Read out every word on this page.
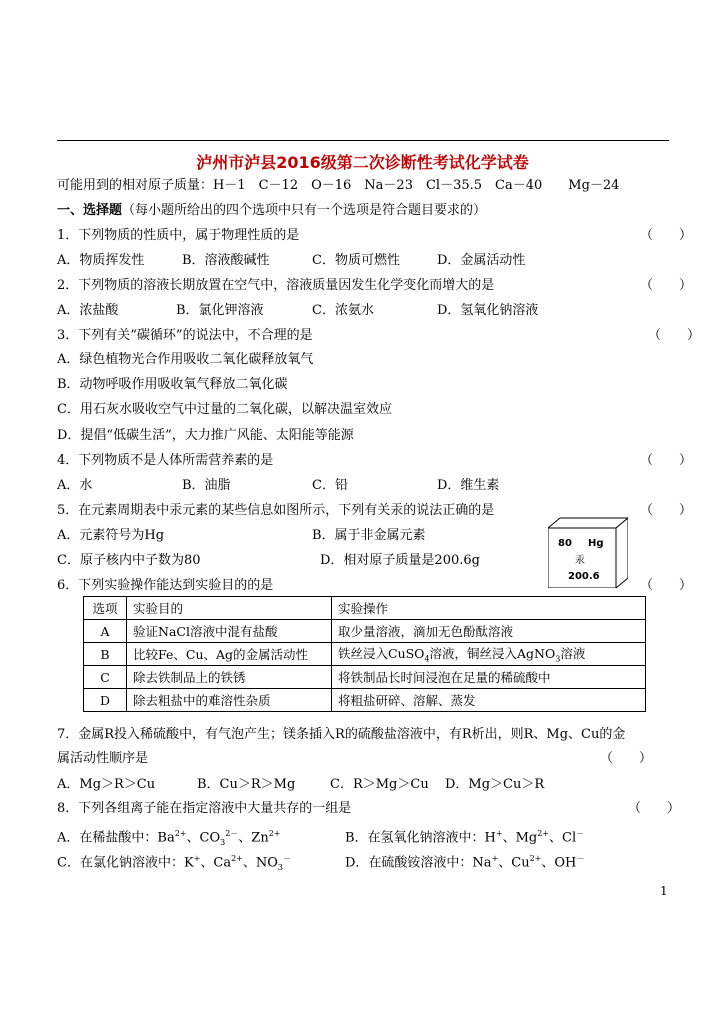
泸州市泸县2016级第二次诊断性考试化学试卷
可能用到的相对原子质量：H－1　C－12　O－16　Na－23　Cl－35.5　Ca－40　　Mg－24
一、选择题（每小题所给出的四个选项中只有一个选项是符合题目要求的）
1．下列物质的性质中，属于物理性质的是	（　　）
A．物质挥发性	B．溶液酸碱性	C．物质可燃性	D．金属活动性
2．下列物质的溶液长期放置在空气中，溶液质量因发生化学变化而增大的是	（　　）
A．浓盐酸	B．氯化钾溶液	C．浓氨水	D．氢氧化钠溶液
3．下列有关“碳循环”的说法中，不合理的是	（　　）
A．绿色植物光合作用吸收二氧化碳释放氧气
B．动物呼吸作用吸收氧气释放二氧化碳
C．用石灰水吸收空气中过量的二氧化碳，以解决温室效应
D．提倡“低碳生活”，大力推广风能、太阳能等能源
4．下列物质不是人体所需营养素的是	（　　）
A．水	B．油脂	C．铅	D．维生素
5．在元素周期表中汞元素的某些信息如图所示，下列有关汞的说法正确的是	（　　）
A．元素符号为Hg	B．属于非金属元素
C．原子核内中子数为80	D．相对原子质量是200.6g
80 Hg
汞
200.6
6．下列实验操作能达到实验目的的是	（　　）
选项	实验目的	实验操作
A	验证NaCl溶液中混有盐酸	取少量溶液，滴加无色酚酞溶液
B	比较Fe、Cu、Ag的金属活动性	铁丝浸入CuSO$_4$溶液，铜丝浸入AgNO$_3$溶液
C	除去铁制品上的铁锈	将铁制品长时间浸泡在足量的稀硫酸中
D	除去粗盐中的难溶性杂质	将粗盐研碎、溶解、蒸发
7．金属R投入稀硫酸中，有气泡产生；镁条插入R的硫酸盐溶液中，有R析出，则R、Mg、Cu的金
属活动性顺序是	（　　）
A．Mg＞R＞Cu	B．Cu＞R＞Mg	C．R＞Mg＞Cu D．Mg＞Cu＞R
8．下列各组离子能在指定溶液中大量共存的一组是	（　　）
A．在稀盐酸中：$Ba^{2+}$、$CO_3^{2-}$、$Zn^{2+}$	B．在氢氧化钠溶液中：H+、$Mg^{2+}$、Cl－
C．在氯化钠溶液中：K+、$Ca^{2+}$、$NO_3^-$	D．在硫酸铵溶液中：Na+、$Cu^{2+}$、OH－
1
